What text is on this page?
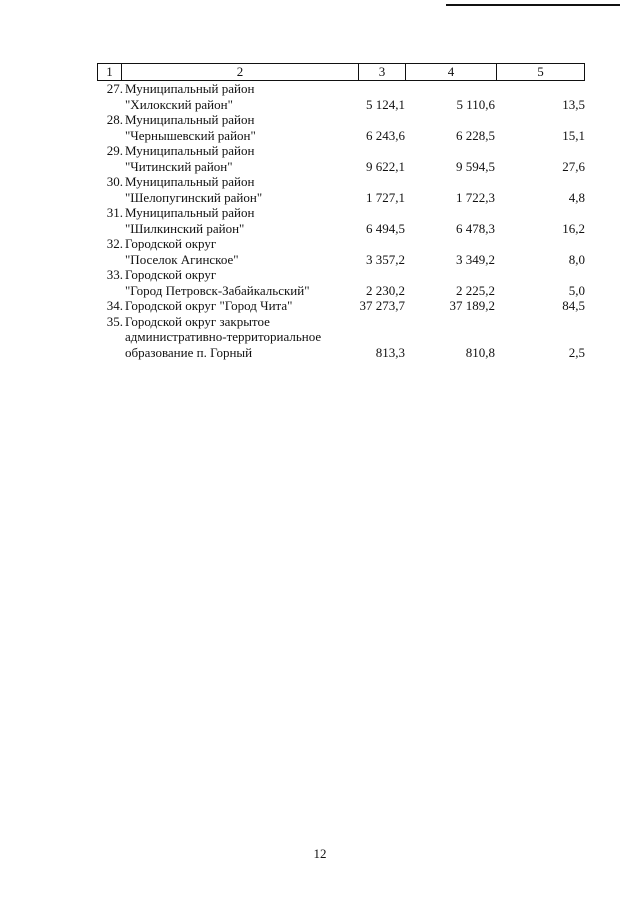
1	2	3	4	5
27. Муниципальный район
"Хилокский район"	5 124,1	5 110,6	13,5
28. Муниципальный район
"Чернышевский район"	6 243,6	6 228,5	15,1
29. Муниципальный район
"Читинский район"	9 622,1	9 594,5	27,6
30. Муниципальный район
"Шелопугинский район"	1 727,1	1 722,3	4,8
31. Муниципальный район
"Шилкинский район"	6 494,5	6 478,3	16,2
32. Городской округ
"Поселок Агинское"	3 357,2	3 349,2	8,0
33. Городской округ
"Город Петровск-Забайкальский"	2 230,2	2 225,2	5,0
34. Городской округ "Город Чита"	37 273,7	37 189,2	84,5
35. Городской округ закрытое
административно-территориальное
образование п. Горный	813,3	810,8	2,5
12
